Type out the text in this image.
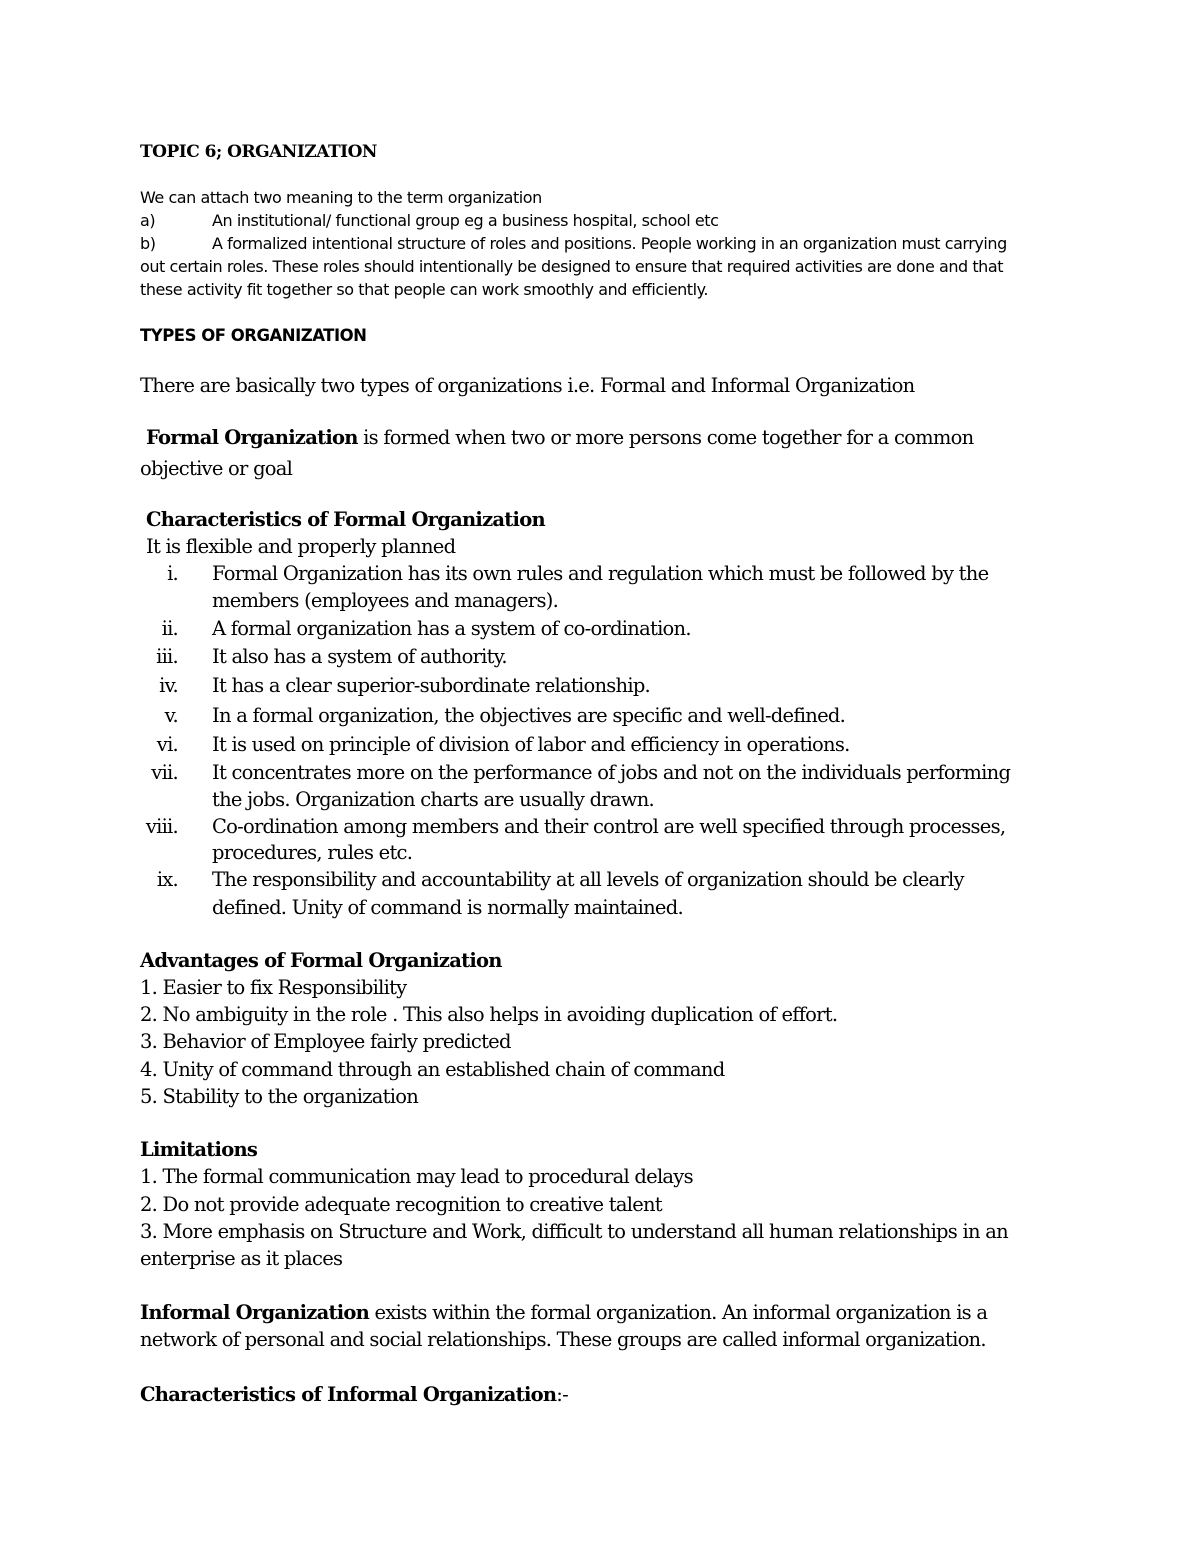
TOPIC 6; ORGANIZATION

We can attach two meaning to the term organization

a)	An institutional/ functional group eg a business hospital, school etc

b)	A formalized intentional structure of roles and positions. People working in an organization must carrying

out certain roles. These roles should intentionally be designed to ensure that required activities are done and that

these activity fit together so that people can work smoothly and efficiently.

TYPES OF ORGANIZATION

There are basically two types of organizations i.e. Formal and Informal Organization

Formal Organization is formed when two or more persons come together for a common

objective or goal

Characteristics of Formal Organization

It is flexible and properly planned

i. Formal Organization has its own rules and regulation which must be followed by the

members (employees and managers).

ii. A formal organization has a system of co-ordination.

iii. It also has a system of authority.

iv. It has a clear superior-subordinate relationship.

v. In a formal organization, the objectives are specific and well-defined.

vi. It is used on principle of division of labor and efficiency in operations.

vii. It concentrates more on the performance of jobs and not on the individuals performing

the jobs. Organization charts are usually drawn.

viii. Co-ordination among members and their control are well specified through processes,

procedures, rules etc.

ix. The responsibility and accountability at all levels of organization should be clearly

defined. Unity of command is normally maintained.

Advantages of Formal Organization

1. Easier to fix Responsibility

2. No ambiguity in the role . This also helps in avoiding duplication of effort.

3. Behavior of Employee fairly predicted

4. Unity of command through an established chain of command

5. Stability to the organization

Limitations

1. The formal communication may lead to procedural delays

2. Do not provide adequate recognition to creative talent

3. More emphasis on Structure and Work, difficult to understand all human relationships in an

enterprise as it places

Informal Organization exists within the formal organization. An informal organization is a

network of personal and social relationships. These groups are called informal organization.

Characteristics of Informal Organization:-
